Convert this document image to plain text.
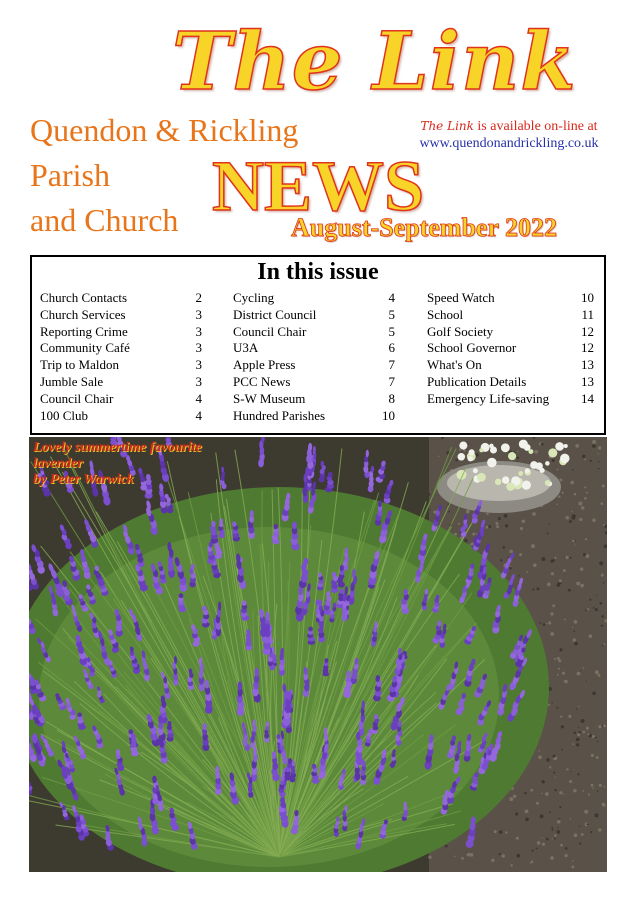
The Link
Quendon & Rickling
Parish
and Church
The Link is available on-line at
www.quendonandrickling.co.uk
NEWS
August-September 2022
In this issue
Church Contacts	2
Church Services	3
Reporting Crime	3
Community Café	3
Trip to Maldon	3
Jumble Sale	3
Council Chair	4
100 Club	4
Cycling	4
District Council	5
Council Chair	5
U3A	6
Apple Press	7
PCC News	7
S-W Museum	8
Hundred Parishes	10
Speed Watch	10
School	11
Golf Society	12
School Governor	12
What's On	13
Publication Details	13
Emergency Life-saving 14
Lovely summertime favourite
lavender
by Peter Warwick
